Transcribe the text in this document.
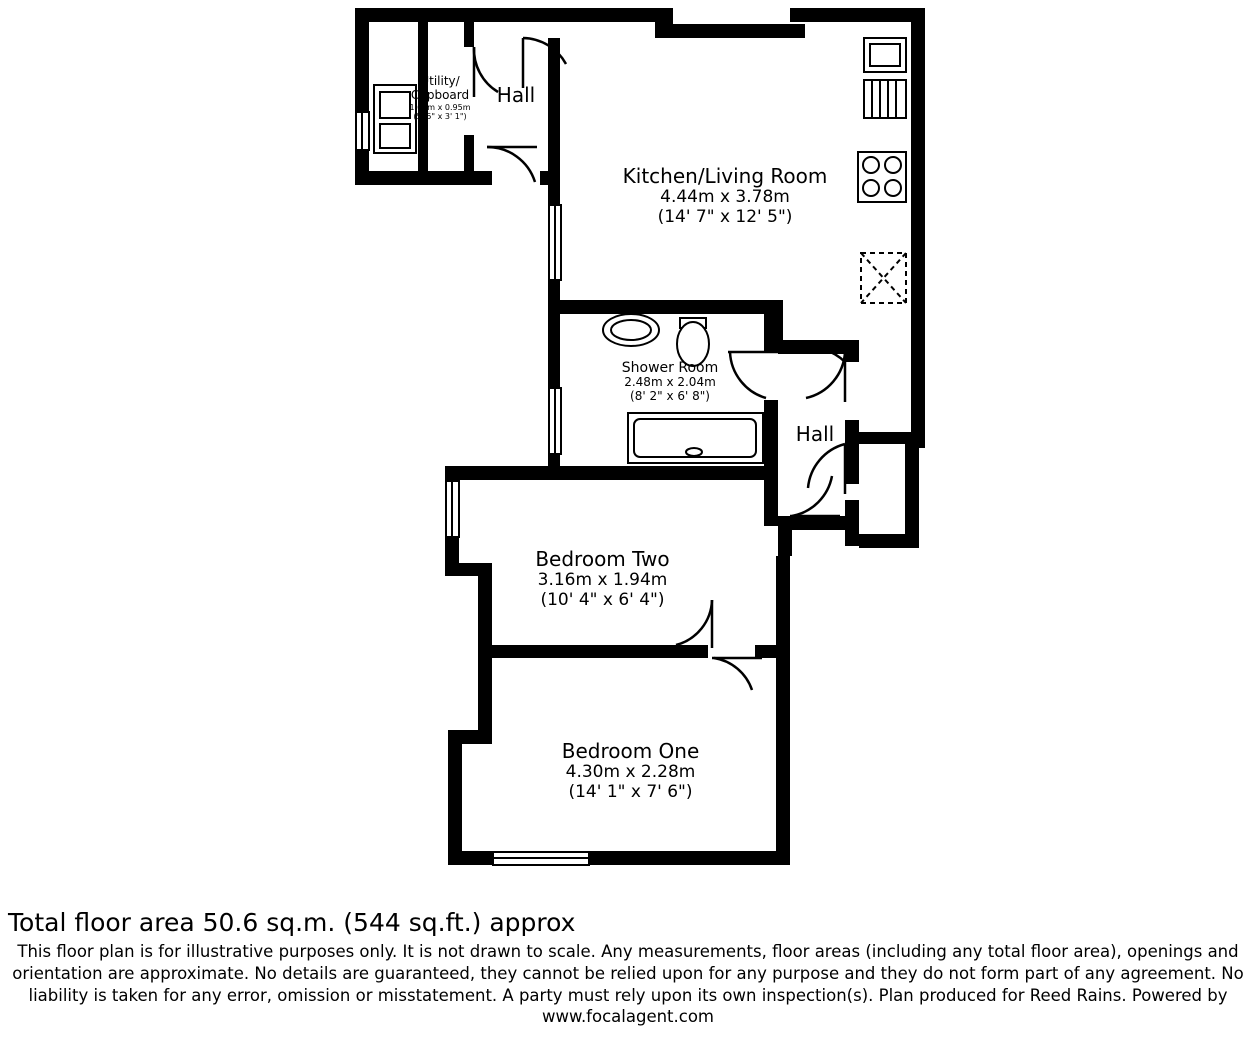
Utility/
Cupboard
1.64m x 0.95m
(5' 5" x 3' 1")
Hall
Kitchen/Living Room
4.44m x 3.78m
(14' 7" x 12' 5")
Shower Room
2.48m x 2.04m
(8' 2" x 6' 8")
Hall
Bedroom Two
3.16m x 1.94m
(10' 4" x 6' 4")
Bedroom One
4.30m x 2.28m
(14' 1" x 7' 6")

Total floor area 50.6 sq.m. (544 sq.ft.) approx

This floor plan is for illustrative purposes only. It is not drawn to scale. Any measurements, floor areas (including any total floor area), openings and orientation are approximate. No details are guaranteed, they cannot be relied upon for any purpose and they do not form part of any agreement. No liability is taken for any error, omission or misstatement. A party must rely upon its own inspection(s). Plan produced for Reed Rains. Powered by
www.focalagent.com
